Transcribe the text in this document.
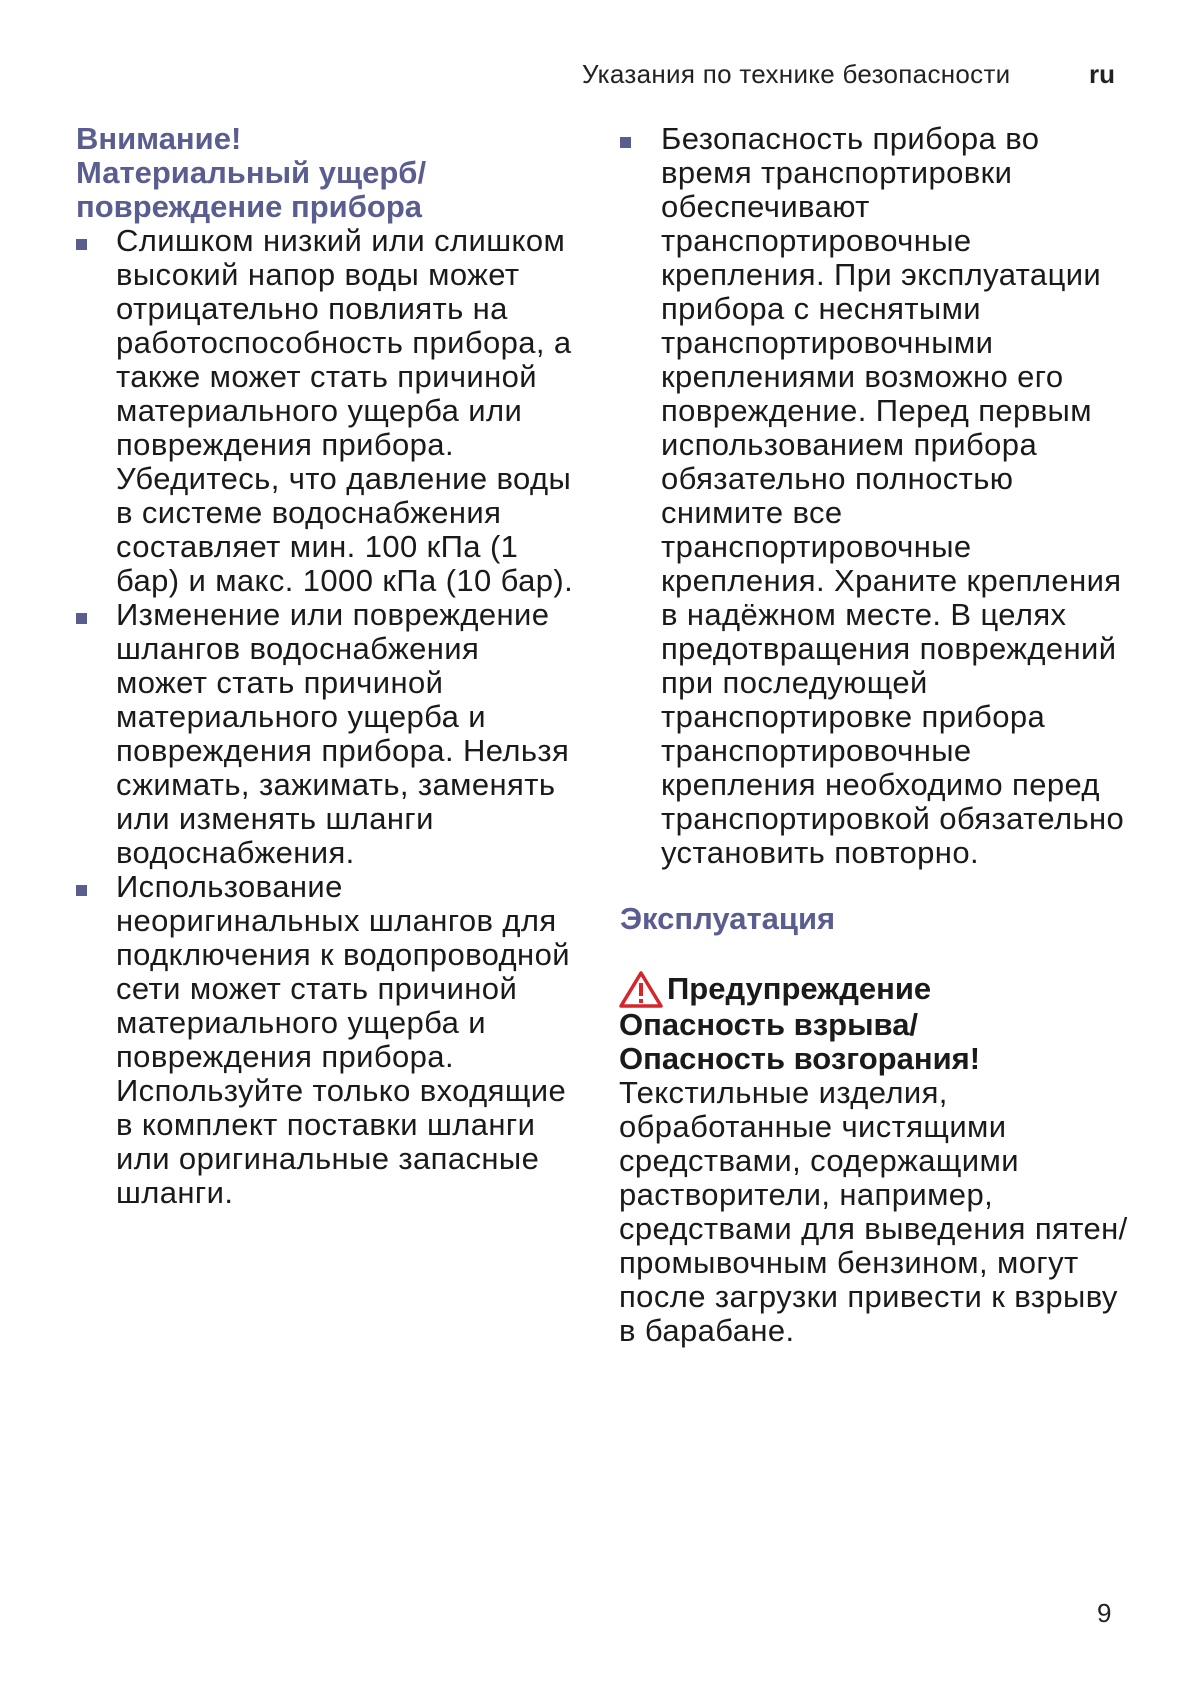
Указания по технике безопасности	ru
Внимание!
Материальный ущерб/
повреждение прибора
Слишком низкий или слишком высокий напор воды может отрицательно повлиять на работоспособность прибора, а также может стать причиной материального ущерба или повреждения прибора. Убедитесь, что давление воды в системе водоснабжения составляет мин. 100 кПа (1 бар) и макс. 1000 кПа (10 бар).
Изменение или повреждение шлангов водоснабжения может стать причиной материального ущерба и повреждения прибора. Нельзя сжимать, зажимать, заменять или изменять шланги водоснабжения.
Использование неоригинальных шлангов для подключения к водопроводной сети может стать причиной материального ущерба и повреждения прибора. Используйте только входящие в комплект поставки шланги или оригинальные запасные шланги.
Безопасность прибора во время транспортировки обеспечивают транспортировочные крепления. При эксплуатации прибора с неснятыми транспортировочными креплениями возможно его повреждение. Перед первым использованием прибора обязательно полностью снимите все транспортировочные крепления. Храните крепления в надёжном месте. В целях предотвращения повреждений при последующей транспортировке прибора транспортировочные крепления необходимо перед транспортировкой обязательно установить повторно.
Эксплуатация
Предупреждение

Опасность взрыва/
Опасность возгорания!

Текстильные изделия, обработанные чистящими средствами, содержащими растворители, например, средствами для выведения пятен/промывочным бензином, могут после загрузки привести к взрыву в барабане.

9
